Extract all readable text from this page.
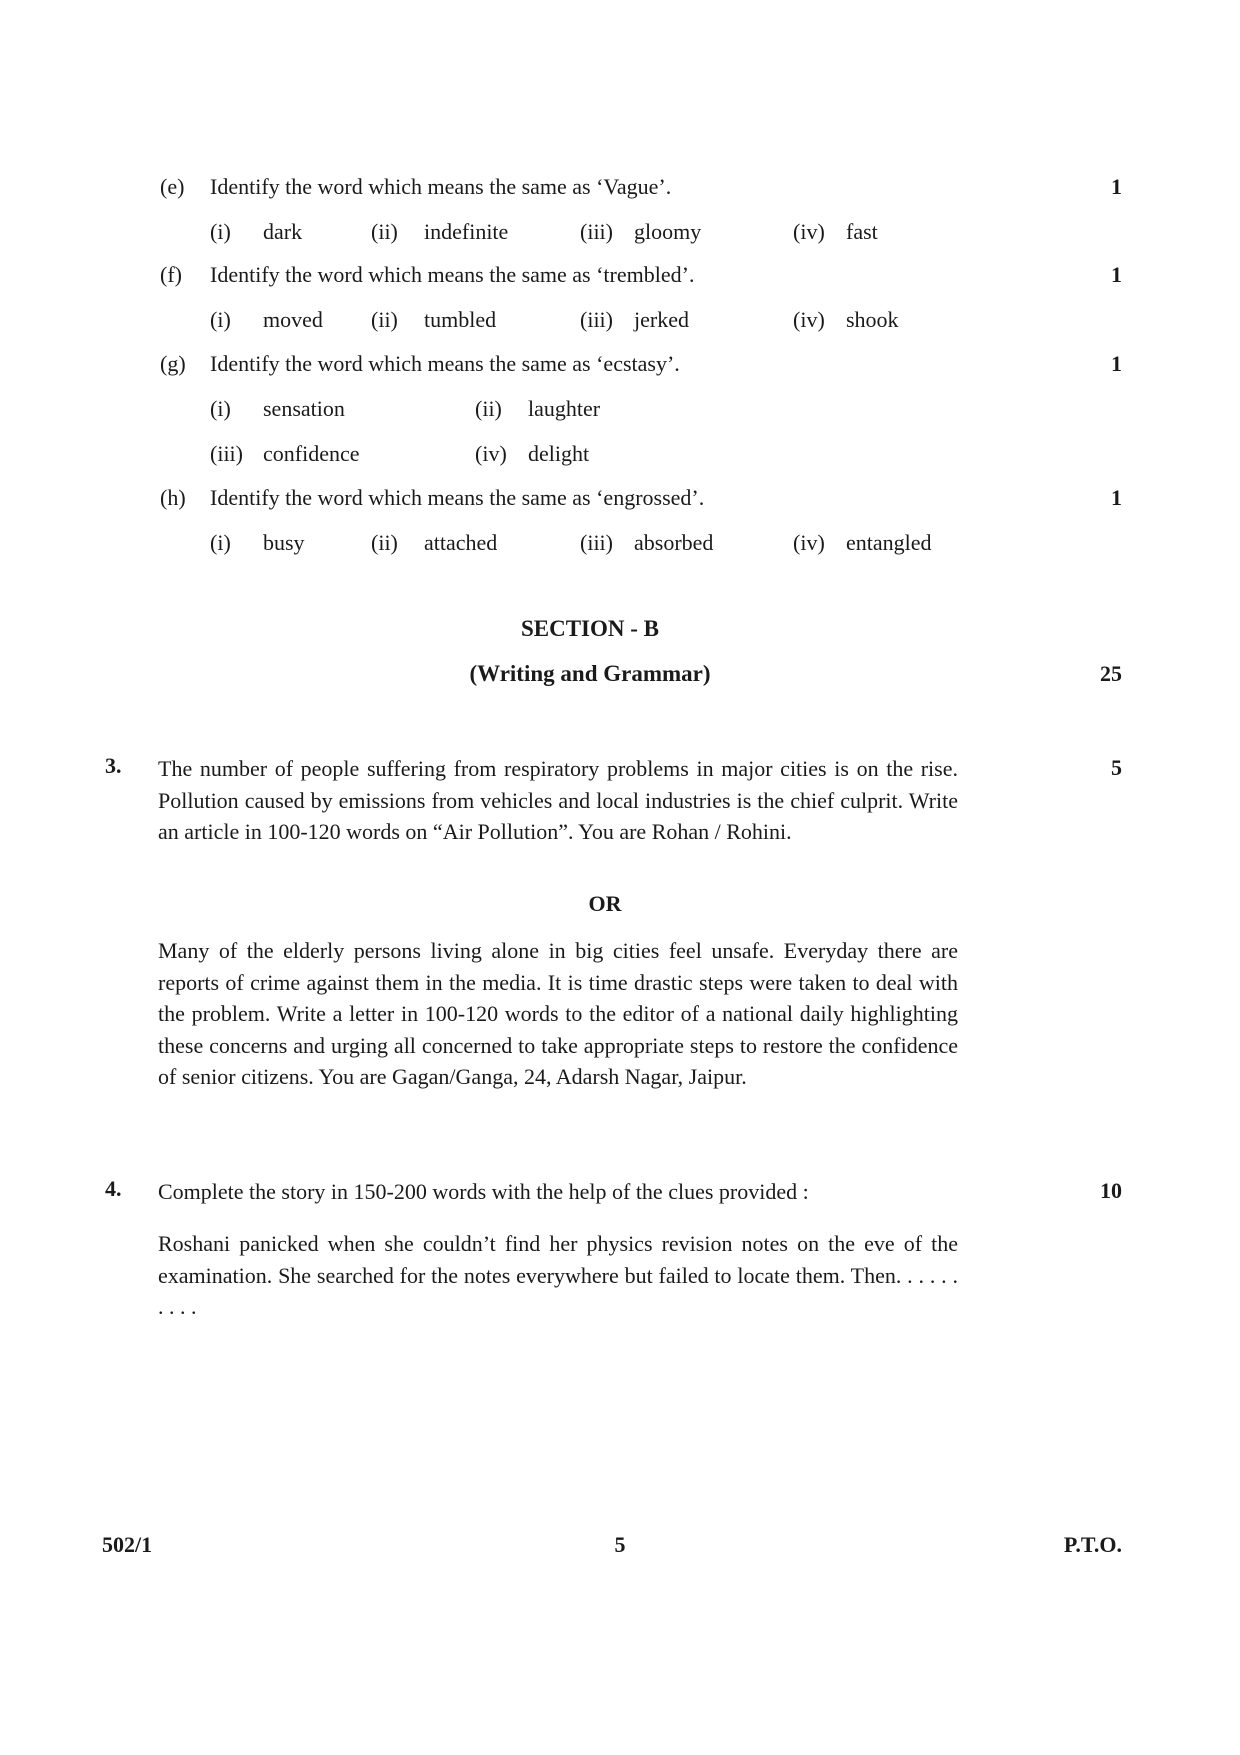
(e) Identify the word which means the same as ‘Vague’.	1
(i) dark	(ii) indefinite	(iii) gloomy	(iv) fast
(f) Identify the word which means the same as ‘trembled’.	1
(i) moved (ii) tumbled	(iii) jerked	(iv) shook
(g) Identify the word which means the same as ‘ecstasy’.	1
(i) sensation	(ii) laughter
(iii) confidence	(iv) delight
(h) Identify the word which means the same as ‘engrossed’.	1
(i) busy	(ii) attached	(iii) absorbed	(iv) entangled
SECTION - B
(Writing and Grammar)	25
3.	5
The number of people suffering from respiratory problems in major cities is on the rise. Pollution caused by emissions from vehicles and local industries is the chief culprit. Write an article in 100-120 words on “Air Pollution”. You are Rohan / Rohini.
OR
Many of the elderly persons living alone in big cities feel unsafe. Everyday there are reports of crime against them in the media. It is time drastic steps were taken to deal with the problem. Write a letter in 100-120 words to the editor of a national daily highlighting these concerns and urging all concerned to take appropriate steps to restore the confidence of senior citizens. You are Gagan/Ganga, 24, Adarsh Nagar, Jaipur.
4.	10
Complete the story in 150-200 words with the help of the clues provided :
Roshani panicked when she couldn’t find her physics revision notes on the eve of the examination. She searched for the notes everywhere but failed to locate them. Then. . . . . . . . . .
502/1	5	P.T.O.
